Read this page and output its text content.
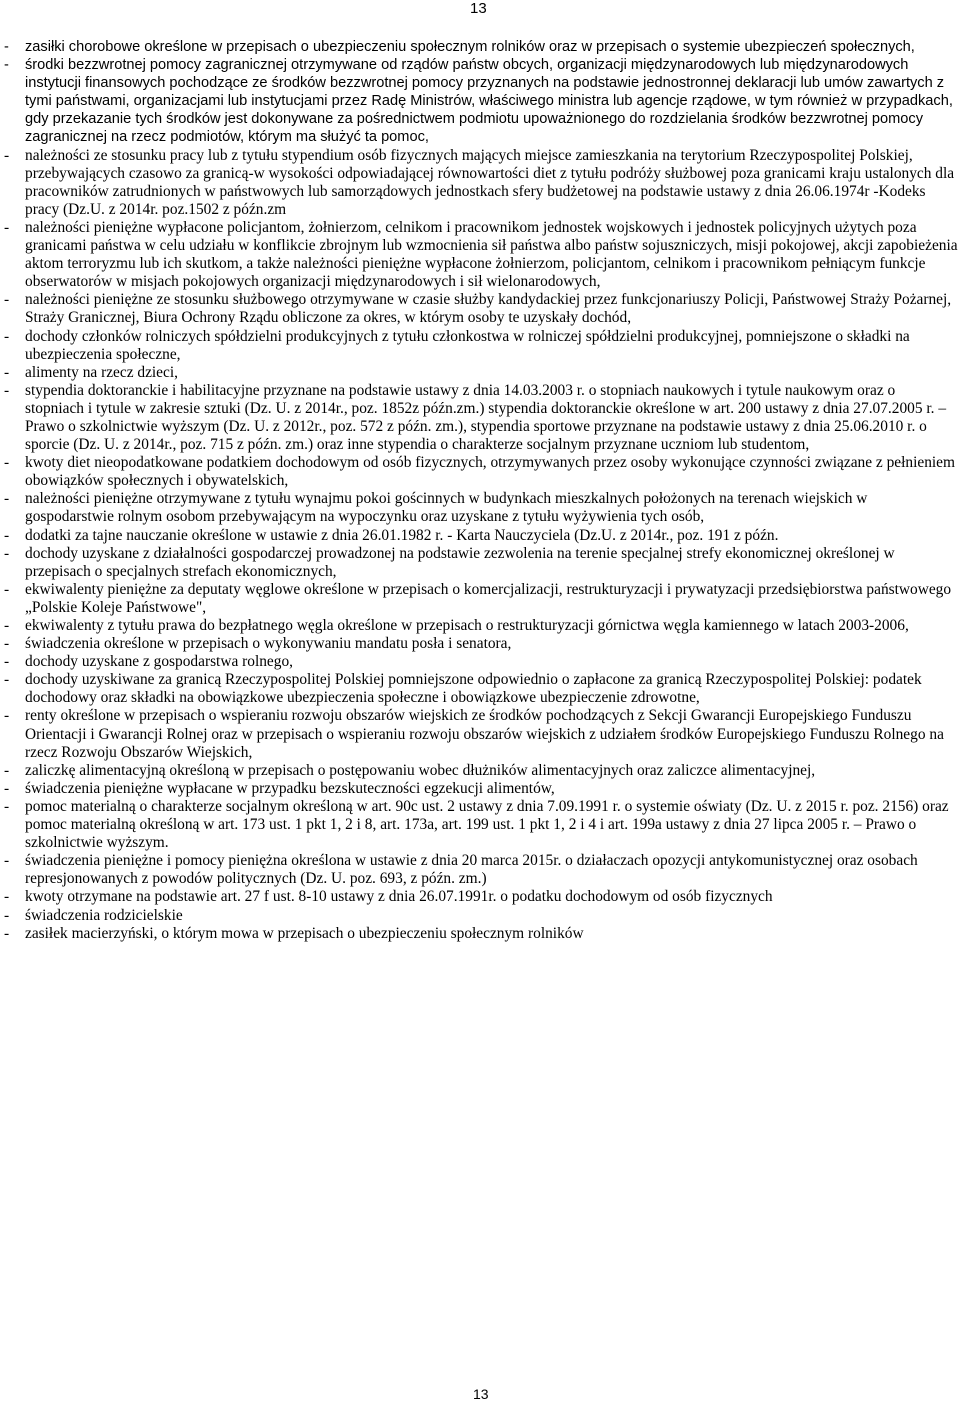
13
- zasiłki chorobowe określone w przepisach o ubezpieczeniu społecznym rolników oraz w przepisach o systemie ubezpieczeń społecznych,
- środki bezzwrotnej pomocy zagranicznej otrzymywane od rządów państw obcych, organizacji międzynarodowych lub międzynarodowych instytucji finansowych pochodzące ze środków bezzwrotnej pomocy przyznanych na podstawie jednostronnej deklaracji lub umów zawartych z tymi państwami, organizacjami lub instytucjami przez Radę Ministrów, właściwego ministra lub agencje rządowe, w tym również w przypadkach, gdy przekazanie tych środków jest dokonywane za pośrednictwem podmiotu upoważnionego do rozdzielania środków bezzwrotnej pomocy zagranicznej na rzecz podmiotów, którym ma służyć ta pomoc,
- należności ze stosunku pracy lub z tytułu stypendium osób fizycznych mających miejsce zamieszkania na terytorium Rzeczypospolitej Polskiej, przebywających czasowo za granicą-w wysokości odpowiadającej równowartości diet z tytułu podróży służbowej poza granicami kraju ustalonych dla pracowników zatrudnionych w państwowych lub samorządowych jednostkach sfery budżetowej na podstawie ustawy z dnia 26.06.1974r -Kodeks pracy (Dz.U. z 2014r. poz.1502 z późn.zm
- należności pieniężne wypłacone policjantom, żołnierzom, celnikom i pracownikom jednostek wojskowych i jednostek policyjnych użytych poza granicami państwa w celu udziału w konflikcie zbrojnym lub wzmocnienia sił państwa albo państw sojuszniczych, misji pokojowej, akcji zapobieżenia aktom terroryzmu lub ich skutkom, a także należności pieniężne wypłacone żołnierzom, policjantom, celnikom i pracownikom pełniącym funkcje obserwatorów w misjach pokojowych organizacji międzynarodowych i sił wielonarodowych,
- należności pieniężne ze stosunku służbowego otrzymywane w czasie służby kandydackiej przez funkcjonariuszy Policji, Państwowej Straży Pożarnej, Straży Granicznej, Biura Ochrony Rządu obliczone za okres, w którym osoby te uzyskały dochód,
- dochody członków rolniczych spółdzielni produkcyjnych z tytułu członkostwa w rolniczej spółdzielni produkcyjnej, pomniejszone o składki na ubezpieczenia społeczne,
- alimenty na rzecz dzieci,
- stypendia doktoranckie i habilitacyjne przyznane na podstawie ustawy z dnia 14.03.2003 r. o stopniach naukowych i tytule naukowym oraz o stopniach i tytule w zakresie sztuki (Dz. U. z 2014r., poz. 1852z późn.zm.) stypendia doktoranckie określone w art. 200 ustawy z dnia 27.07.2005 r. – Prawo o szkolnictwie wyższym (Dz. U. z 2012r., poz. 572 z późn. zm.), stypendia sportowe przyznane na podstawie ustawy z dnia 25.06.2010 r. o sporcie (Dz. U. z 2014r., poz. 715 z późn. zm.) oraz inne stypendia o charakterze socjalnym przyznane uczniom lub studentom,
- kwoty diet nieopodatkowane podatkiem dochodowym od osób fizycznych, otrzymywanych przez osoby wykonujące czynności związane z pełnieniem obowiązków społecznych i obywatelskich,
- należności pieniężne otrzymywane z tytułu wynajmu pokoi gościnnych w budynkach mieszkalnych położonych na terenach wiejskich w gospodarstwie rolnym osobom przebywającym na wypoczynku oraz uzyskane z tytułu wyżywienia tych osób,
- dodatki za tajne nauczanie określone w ustawie z dnia 26.01.1982 r. - Karta Nauczyciela (Dz.U. z 2014r., poz. 191 z późn.
- dochody uzyskane z działalności gospodarczej prowadzonej na podstawie zezwolenia na terenie specjalnej strefy ekonomicznej określonej w przepisach o specjalnych strefach ekonomicznych,
- ekwiwalenty pieniężne za deputaty węglowe określone w przepisach o komercjalizacji, restrukturyzacji i prywatyzacji przedsiębiorstwa państwowego „Polskie Koleje Państwowe",
- ekwiwalenty z tytułu prawa do bezpłatnego węgla określone w przepisach o restrukturyzacji górnictwa węgla kamiennego w latach 2003-2006,
- świadczenia określone w przepisach o wykonywaniu mandatu posła i senatora,
- dochody uzyskane z gospodarstwa rolnego,
- dochody uzyskiwane za granicą Rzeczypospolitej Polskiej pomniejszone odpowiednio o zapłacone za granicą Rzeczypospolitej Polskiej: podatek dochodowy oraz składki na obowiązkowe ubezpieczenia społeczne i obowiązkowe ubezpieczenie zdrowotne,
- renty określone w przepisach o wspieraniu rozwoju obszarów wiejskich ze środków pochodzących z Sekcji Gwarancji Europejskiego Funduszu Orientacji i Gwarancji Rolnej oraz w przepisach o wspieraniu rozwoju obszarów wiejskich z udziałem środków Europejskiego Funduszu Rolnego na rzecz Rozwoju Obszarów Wiejskich,
- zaliczkę alimentacyjną określoną w przepisach o postępowaniu wobec dłużników alimentacyjnych oraz zaliczce alimentacyjnej,
- świadczenia pieniężne wypłacane w przypadku bezskuteczności egzekucji alimentów,
- pomoc materialną o charakterze socjalnym określoną w art. 90c ust. 2 ustawy z dnia 7.09.1991 r. o systemie oświaty (Dz. U. z 2015 r. poz. 2156) oraz pomoc materialną określoną w art. 173 ust. 1 pkt 1, 2 i 8, art. 173a, art. 199 ust. 1 pkt 1, 2 i 4 i art. 199a ustawy z dnia 27 lipca 2005 r. – Prawo o szkolnictwie wyższym.
- świadczenia pieniężne i pomocy pieniężna określona w ustawie z dnia 20 marca 2015r. o działaczach opozycji antykomunistycznej oraz osobach represjonowanych z powodów politycznych (Dz. U. poz. 693, z późn. zm.)
- kwoty otrzymane na podstawie art. 27 f ust. 8-10 ustawy z dnia 26.07.1991r. o podatku dochodowym od osób fizycznych
- świadczenia rodzicielskie
- zasiłek macierzyński, o którym mowa w przepisach o ubezpieczeniu społecznym rolników
13
